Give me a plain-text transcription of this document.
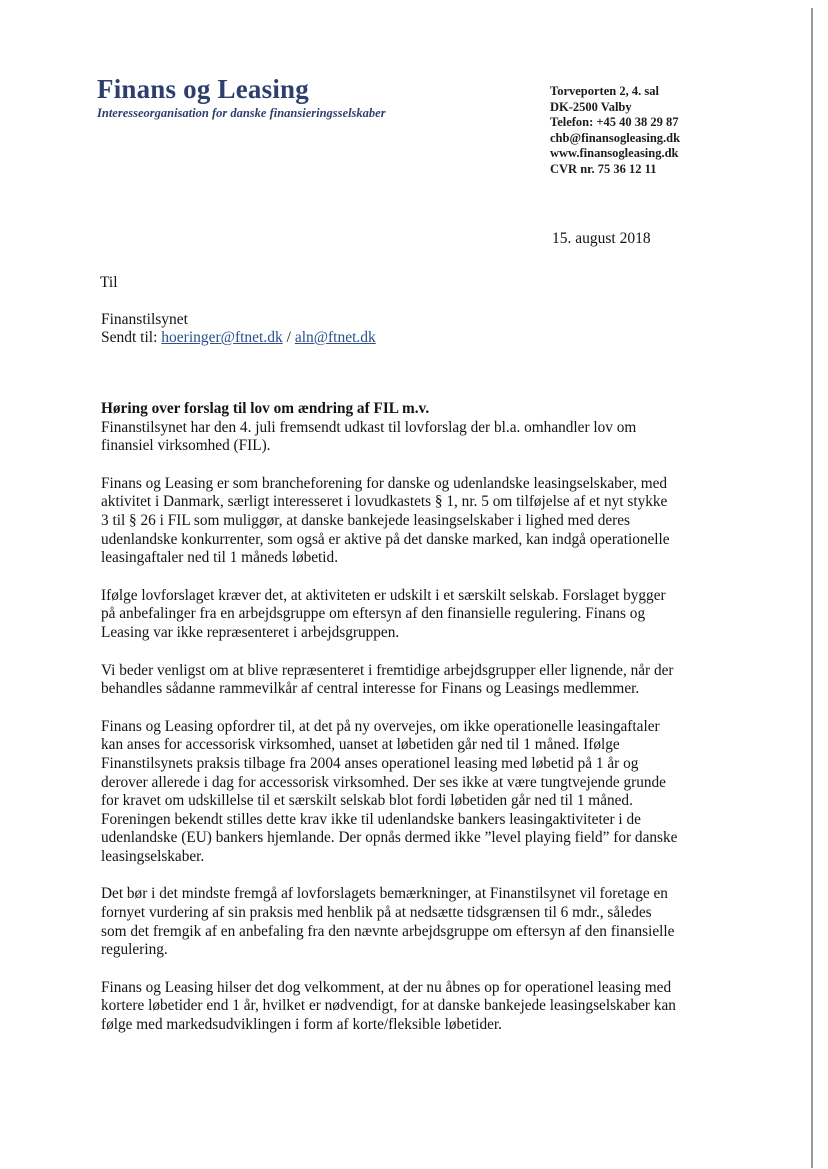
Finans og Leasing
Interesseorganisation for danske finansieringsselskaber
Torveporten 2, 4. sal
DK-2500 Valby
Telefon: +45 40 38 29 87
chb@finansogleasing.dk
www.finansogleasing.dk
CVR nr. 75 36 12 11
15. august 2018
Til
Finanstilsynet
Sendt til: hoeringer@ftnet.dk / aln@ftnet.dk
Høring over forslag til lov om ændring af FIL m.v.
Finanstilsynet har den 4. juli fremsendt udkast til lovforslag der bl.a. omhandler lov om
finansiel virksomhed (FIL).
Finans og Leasing er som brancheforening for danske og udenlandske leasingselskaber, med
aktivitet i Danmark, særligt interesseret i lovudkastets § 1, nr. 5 om tilføjelse af et nyt stykke
3 til § 26 i FIL som muliggør, at danske bankejede leasingselskaber i lighed med deres
udenlandske konkurrenter, som også er aktive på det danske marked, kan indgå operationelle
leasingaftaler ned til 1 måneds løbetid.
Ifølge lovforslaget kræver det, at aktiviteten er udskilt i et særskilt selskab. Forslaget bygger
på anbefalinger fra en arbejdsgruppe om eftersyn af den finansielle regulering. Finans og
Leasing var ikke repræsenteret i arbejdsgruppen.
Vi beder venligst om at blive repræsenteret i fremtidige arbejdsgrupper eller lignende, når der
behandles sådanne rammevilkår af central interesse for Finans og Leasings medlemmer.
Finans og Leasing opfordrer til, at det på ny overvejes, om ikke operationelle leasingaftaler
kan anses for accessorisk virksomhed, uanset at løbetiden går ned til 1 måned. Ifølge
Finanstilsynets praksis tilbage fra 2004 anses operationel leasing med løbetid på 1 år og
derover allerede i dag for accessorisk virksomhed. Der ses ikke at være tungtvejende grunde
for kravet om udskillelse til et særskilt selskab blot fordi løbetiden går ned til 1 måned.
Foreningen bekendt stilles dette krav ikke til udenlandske bankers leasingaktiviteter i de
udenlandske (EU) bankers hjemlande. Der opnås dermed ikke ”level playing field” for danske
leasingselskaber.
Det bør i det mindste fremgå af lovforslagets bemærkninger, at Finanstilsynet vil foretage en
fornyet vurdering af sin praksis med henblik på at nedsætte tidsgrænsen til 6 mdr., således
som det fremgik af en anbefaling fra den nævnte arbejdsgruppe om eftersyn af den finansielle
regulering.
Finans og Leasing hilser det dog velkomment, at der nu åbnes op for operationel leasing med
kortere løbetider end 1 år, hvilket er nødvendigt, for at danske bankejede leasingselskaber kan
følge med markedsudviklingen i form af korte/fleksible løbetider.
